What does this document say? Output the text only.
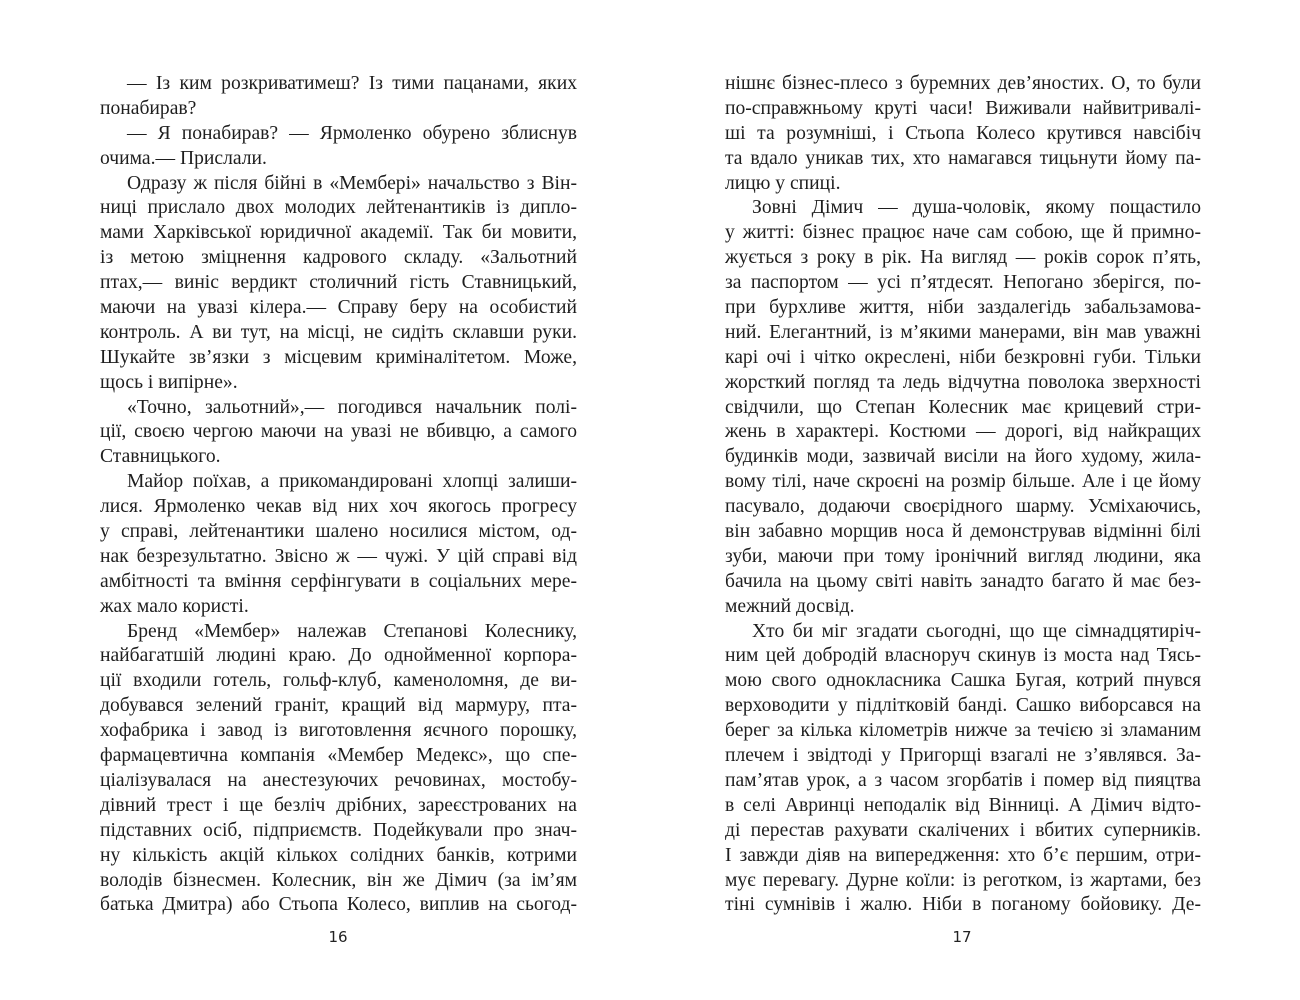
— Із ким розкриватимеш? Із тими пацанами, яких
понабирав?
— Я понабирав? — Ярмоленко обурено зблиснув
очима.— Прислали.
Одразу ж після бійні в «Мембері» начальство з Він-
ниці прислало двох молодих лейтенантиків із дипло-
мами Харківської юридичної академії. Так би мовити,
із метою зміцнення кадрового складу. «Зальотний
птах,— виніс вердикт столичний гість Ставницький,
маючи на увазі кілера.— Справу беру на особистий
контроль. А ви тут, на місці, не сидіть склавши руки.
Шукайте зв’язки з місцевим криміналітетом. Може,
щось і випірне».
«Точно, зальотний»,— погодився начальник полі-
ції, своєю чергою маючи на увазі не вбивцю, а самого
Ставницького.
Майор поїхав, а прикомандировані хлопці залиши-
лися. Ярмоленко чекав від них хоч якогось прогресу
у справі, лейтенантики шалено носилися містом, од-
нак безрезультатно. Звісно ж — чужі. У цій справі від
амбітності та вміння серфінгувати в соціальних мере-
жах мало користі.
Бренд «Мембер» належав Степанові Колеснику,
найбагатшій людині краю. До однойменної корпора-
ції входили готель, гольф-клуб, каменоломня, де ви-
добувався зелений граніт, кращий від мармуру, пта-
хофабрика і завод із виготовлення яєчного порошку,
фармацевтична компанія «Мембер Медекс», що спе-
ціалізувалася на анестезуючих речовинах, мостобу-
дівний трест і ще безліч дрібних, зареєстрованих на
підставних осіб, підприємств. Подейкували про знач-
ну кількість акцій кількох солідних банків, котрими
володів бізнесмен. Колесник, він же Дімич (за ім’ям
батька Дмитра) або Стьопа Колесо, виплив на сьогод-
16
нішнє бізнес-плесо з буремних дев’яностих. О, то були
по-справжньому круті часи! Виживали найвитривалі-
ші та розумніші, і Стьопа Колесо крутився навсібіч
та вдало уникав тих, хто намагався тицьнути йому па-
лицю у спиці.
Зовні Дімич — душа-чоловік, якому пощастило
у житті: бізнес працює наче сам собою, ще й примно-
жується з року в рік. На вигляд — років сорок п’ять,
за паспортом — усі п’ятдесят. Непогано зберігся, по-
при бурхливе життя, ніби заздалегідь забальзамова-
ний. Елегантний, із м’якими манерами, він мав уважні
карі очі і чітко окреслені, ніби безкровні губи. Тільки
жорсткий погляд та ледь відчутна поволока зверхності
свідчили, що Степан Колесник має крицевий стри-
жень в характері. Костюми — дорогі, від найкращих
будинків моди, зазвичай висіли на його худому, жила-
вому тілі, наче скроєні на розмір більше. Але і це йому
пасувало, додаючи своєрідного шарму. Усміхаючись,
він забавно морщив носа й демонстрував відмінні білі
зуби, маючи при тому іронічний вигляд людини, яка
бачила на цьому світі навіть занадто багато й має без-
межний досвід.
Хто би міг згадати сьогодні, що ще сімнадцятиріч-
ним цей добродій власноруч скинув із моста над Тясь-
мою свого однокласника Сашка Бугая, котрий пнувся
верховодити у підлітковій банді. Сашко виборсався на
берег за кілька кілометрів нижче за течією зі зламаним
плечем і звідтоді у Пригорщі взагалі не з’являвся. За-
пам’ятав урок, а з часом згорбатів і помер від пияцтва
в селі Авринці неподалік від Вінниці. А Дімич відто-
ді перестав рахувати скалічених і вбитих суперників.
І завжди діяв на випередження: хто б’є першим, отри-
мує перевагу. Дурне коїли: із реготком, із жартами, без
тіні сумнівів і жалю. Ніби в поганому бойовику. Де-
17
